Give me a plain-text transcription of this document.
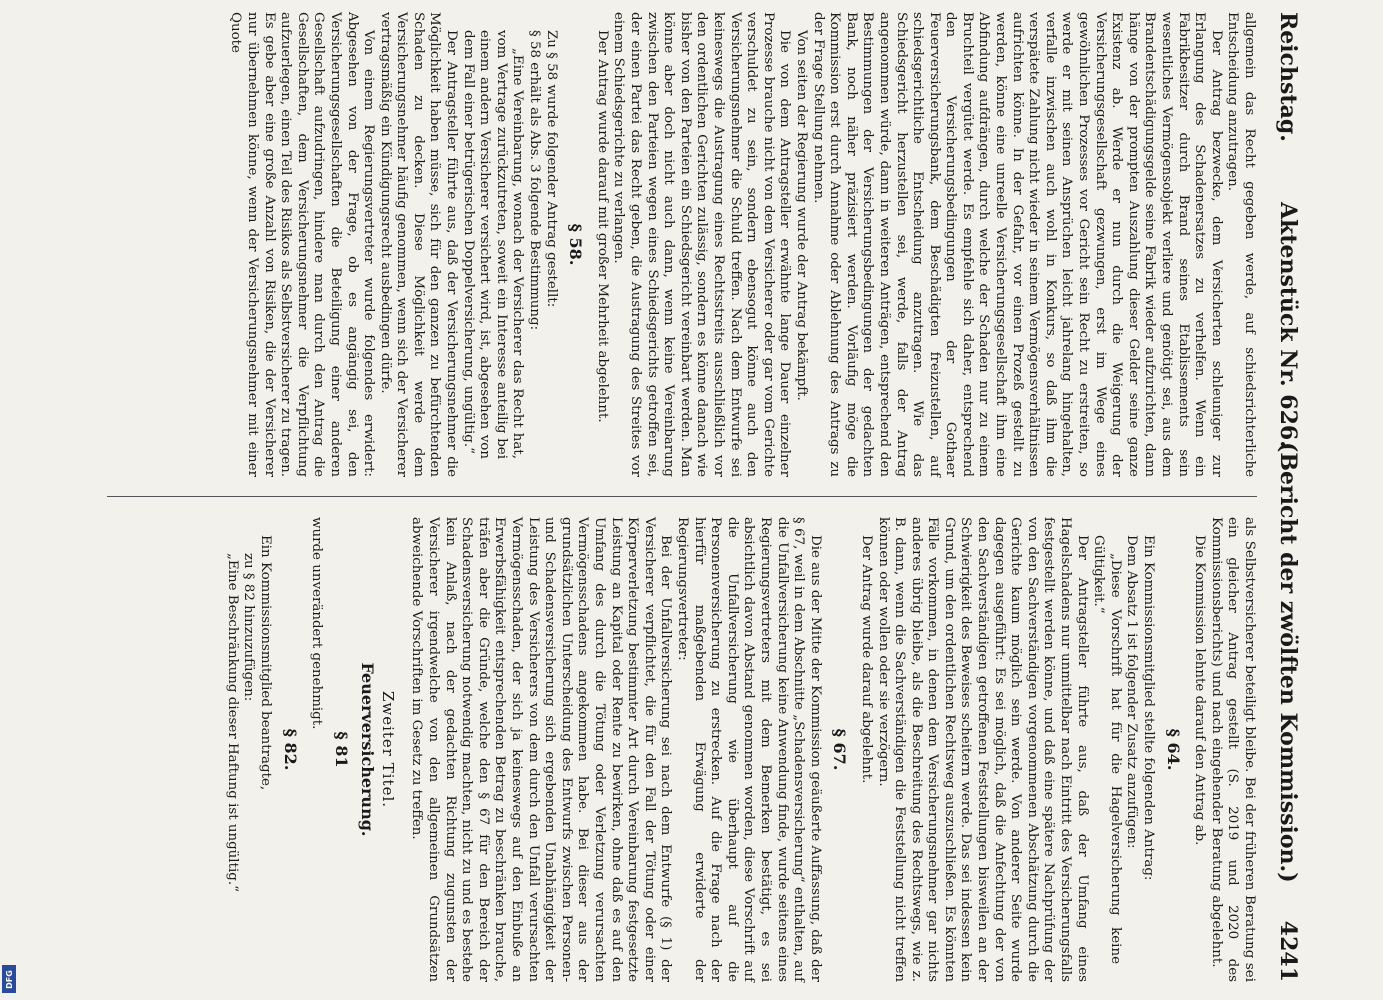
Reichstag.
Aktenstück Nr. 626.
(Bericht der zwölften Kommission.)
4241

allgemein das Recht gegeben werde, auf schiedsrichterliche Entscheidung anzutragen.

Der Antrag bezwecke, dem Versicherten schleuniger zur Erlangung des Schadenersatzes zu verhelfen. Wenn ein Fabrikbesitzer durch Brand seines Etablissements sein wesentliches Vermögensobjekt verliere und genötigt sei, aus dem Brandentschädigungsgelde seine Fabrik wieder aufzurichten, dann hänge von der prompten Auszahlung dieser Gelder seine ganze Existenz ab. Werde er nun durch die Weigerung der Versicherungsgesellschaft gezwungen, erst im Wege eines gewöhnlichen Prozesses vor Gericht sein Recht zu erstreiten, so werde er mit seinen Ansprüchen leicht jahrelang hingehalten, verfalle inzwischen auch wohl in Konkurs, so daß ihm die verspätete Zahlung nicht wieder in seinem Vermögensverhältnissen aufrichten könne. In der Gefahr, vor einen Prozeß gestellt zu werden, könne eine unreelle Versicherungsgesellschaft ihm eine Abfindung aufdrängen, durch welche der Schaden nur zu einem Bruchteil vergütet werde. Es empfehle sich daher, entsprechend den Versicherungsbedingungen der Gothaer Feuerversicherungsbank, dem Beschädigten freizustellen, auf schiedsgerichtliche Entscheidung anzutragen. Wie das Schiedsgericht herzustellen sei, werde, falls der Antrag angenommen würde, dann in weiteren Anträgen, entsprechend den Bestimmungen der Versicherungsbedingungen der gedachten Bank, noch näher präzisiert werden. Vorläufig möge die Kommission erst durch Annahme oder Ablehnung des Antrags zu der Frage Stellung nehmen.

Von seiten der Regierung wurde der Antrag bekämpft.

Die von dem Antragsteller erwähnte lange Dauer einzelner Prozesse brauche nicht von dem Versicherer oder gar vom Gerichte verschuldet zu sein, sondern ebensogut könne auch den Versicherungsnehmer die Schuld treffen. Nach dem Entwurfe sei keineswegs die Austragung eines Rechtsstreits ausschließlich vor den ordentlichen Gerichten zulässig, sondern es könne danach wie bisher von den Parteien ein Schiedsgericht vereinbart werden. Man könne aber doch nicht auch dann, wenn keine Vereinbarung zwischen den Parteien wegen eines Schiedsgerichts getroffen sei, der einen Partei das Recht geben, die Austragung des Streites vor einem Schiedsgerichte zu verlangen.

Der Antrag wurde darauf mit großer Mehrheit abgelehnt.

§ 58.

Zu § 58 wurde folgender Antrag gestellt:

§ 58 erhält als Abs. 3 folgende Bestimmung:

„Eine Vereinbarung, wonach der Versicherer das Recht hat, vom Vertrage zurückzutreten, soweit ein Interesse anteilig bei einem andern Versicherer versichert wird, ist, abgesehen von dem Fall einer betrügerischen Doppelversicherung, ungültig.“

Der Antragsteller führte aus, daß der Versicherungsnehmer die Möglichkeit haben müsse, sich für den ganzen zu befürchtenden Schaden zu decken. Diese Möglichkeit werde dem Versicherungsnehmer häufig genommen, wenn sich der Versicherer vertragsmäßig ein Kündigungsrecht ausbedingen dürfe.

Von einem Regierungsvertreter wurde folgendes erwidert: Abgesehen von der Frage, ob es angängig sei, den Versicherungsgesellschaften die Beteiligung einer anderen Gesellschaft aufzudringen, hindere man durch den Antrag die Gesellschaften, dem Versicherungsnehmer die Verpflichtung aufzuerlegen, einen Teil des Risikos als Selbstversicherer zu tragen. Es gebe aber eine große Anzahl von Risiken, die der Versicherer nur übernehmen könne, wenn der Versicherungsnehmer mit einer Quote

als Selbstversicherer beteiligt bleibe. Bei der früheren Beratung sei ein gleicher Antrag gestellt (S. 2019 und 2020 des Kommissionsberichts) und nach eingehender Beratung abgelehnt.

Die Kommission lehnte darauf den Antrag ab.

§ 64.

Ein Kommissionsmitglied stellte folgenden Antrag:

Dem Absatz 1 ist folgender Zusatz anzufügen:

„Diese Vorschrift hat für die Hagelversicherung keine Gültigkeit.“

Der Antragsteller führte aus, daß der Umfang eines Hagelschadens nur unmittelbar nach Eintritt des Versicherungsfalls festgestellt werden könne, und daß eine spätere Nachprüfung der von den Sachverständigen vorgenommenen Abschätzung durch die Gerichte kaum möglich sein werde. Von anderer Seite wurde dagegen ausgeführt: Es sei möglich, daß die Anfechtung der von den Sachverständigen getroffenen Feststellungen bisweilen an der Schwierigkeit des Beweises scheitern werde. Das sei indessen kein Grund, um den ordentlichen Rechtsweg auszuschließen. Es könnten Fälle vorkommen, in denen dem Versicherungsnehmer gar nichts anderes übrig bleibe, als die Beschreitung des Rechtswegs, wie z. B. dann, wenn die Sachverständigen die Feststellung nicht treffen können oder wollen oder sie verzögern.

Der Antrag wurde darauf abgelehnt.

§ 67.

Die aus der Mitte der Kommission geäußerte Auffassung, daß der § 67, weil in dem Abschnitte „Schadensversicherung“ enthalten, auf die Unfallversicherung keine Anwendung finde, wurde seitens eines Regierungsvertreters mit dem Bemerken bestätigt, es sei absichtlich davon Abstand genommen worden, diese Vorschrift auf die Unfallversicherung wie überhaupt auf die Personenversicherung zu erstrecken. Auf die Frage nach der hierfür maßgebenden Erwägung erwiderte der Regierungsvertreter:

Bei der Unfallversicherung sei nach dem Entwurfe (§ 1) der Versicherer verpflichtet, die für den Fall der Tötung oder einer Körperverletzung bestimmter Art durch Vereinbarung festgesetzte Leistung an Kapital oder Rente zu bewirken, ohne daß es auf den Umfang des durch die Tötung oder Verletzung verursachten Vermögensschadens angekommen habe. Bei dieser aus der grundsätzlichen Unterscheidung des Entwurfs zwischen Personen- und Schadensversicherung sich ergebenden Unabhängigkeit der Leistung des Versicherers von dem durch den Unfall verursachten Vermögensschaden, der sich ja keineswegs auf den Einbuße an Erwerbsfähigkeit entsprechenden Betrag zu beschränken brauche, träfen aber die Gründe, welche den § 67 für den Bereich der Schadensversicherung notwendig machten, nicht zu und es bestehe kein Anlaß, nach der gedachten Richtung zugunsten der Versicherer irgendwelche von den allgemeinen Grundsätzen abweichende Vorschriften im Gesetz zu treffen.

Zweiter Titel.
Feuerversicherung.
§ 81

wurde unverändert genehmigt.

§ 82.

Ein Kommissionsmitglied beantragte,

zu § 82 hinzuzufügen:

„Eine Beschränkung dieser Haftung ist ungültig.“

DFG
